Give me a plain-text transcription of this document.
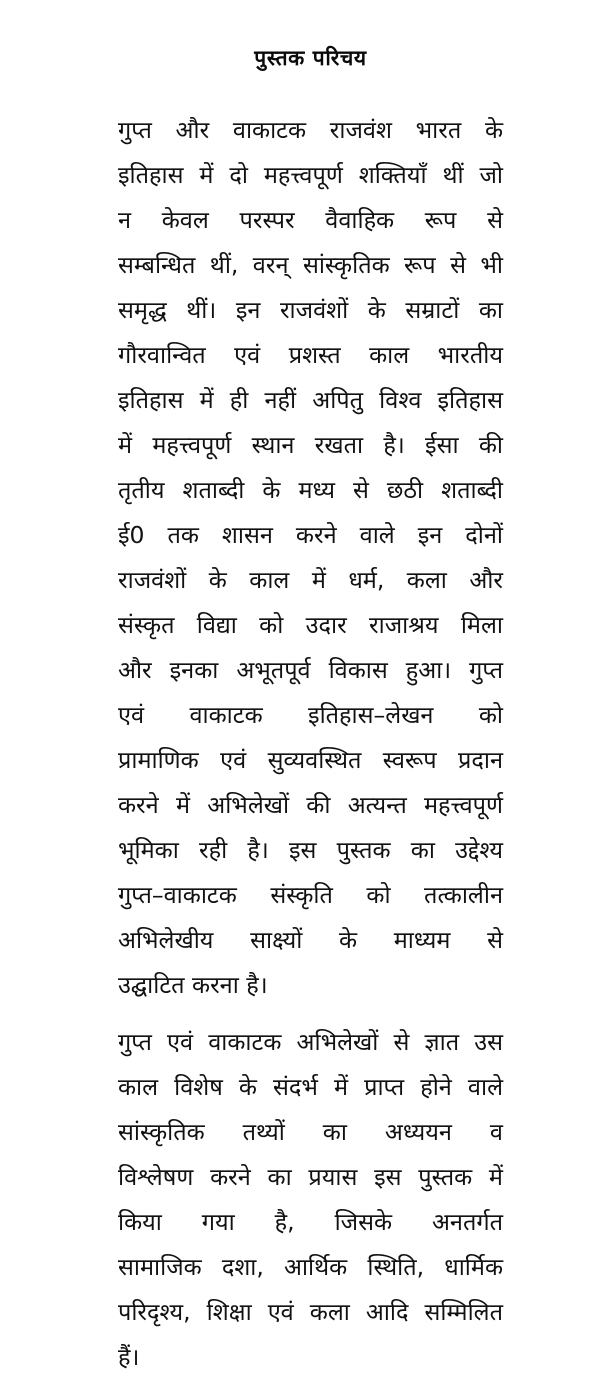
पुस्तक परिचय

गुप्त और वाकाटक राजवंश भारत के
इतिहास में दो महत्त्वपूर्ण शक्तियाँ थीं जो
न केवल परस्पर वैवाहिक रूप से
सम्बन्धित थीं, वरन् सांस्कृतिक रूप से भी
समृद्ध थीं। इन राजवंशों के सम्राटों का
गौरवान्वित एवं प्रशस्त काल भारतीय
इतिहास में ही नहीं अपितु विश्व इतिहास
में महत्त्वपूर्ण स्थान रखता है। ईसा की
तृतीय शताब्दी के मध्य से छठी शताब्दी
ई0 तक शासन करने वाले इन दोनों
राजवंशों के काल में धर्म, कला और
संस्कृत विद्या को उदार राजाश्रय मिला
और इनका अभूतपूर्व विकास हुआ। गुप्त
एवं वाकाटक इतिहास–लेखन को
प्रामाणिक एवं सुव्यवस्थित स्वरूप प्रदान
करने में अभिलेखों की अत्यन्त महत्त्वपूर्ण
भूमिका रही है। इस पुस्तक का उद्देश्य
गुप्त–वाकाटक संस्कृति को तत्कालीन
अभिलेखीय साक्ष्यों के माध्यम से
उद्घाटित करना है।

गुप्त एवं वाकाटक अभिलेखों से ज्ञात उस
काल विशेष के संदर्भ में प्राप्त होने वाले
सांस्कृतिक तथ्यों का अध्ययन व
विश्लेषण करने का प्रयास इस पुस्तक में
किया गया है, जिसके अनतर्गत
सामाजिक दशा, आर्थिक स्थिति, धार्मिक
परिदृश्य, शिक्षा एवं कला आदि सम्मिलित
हैं।
